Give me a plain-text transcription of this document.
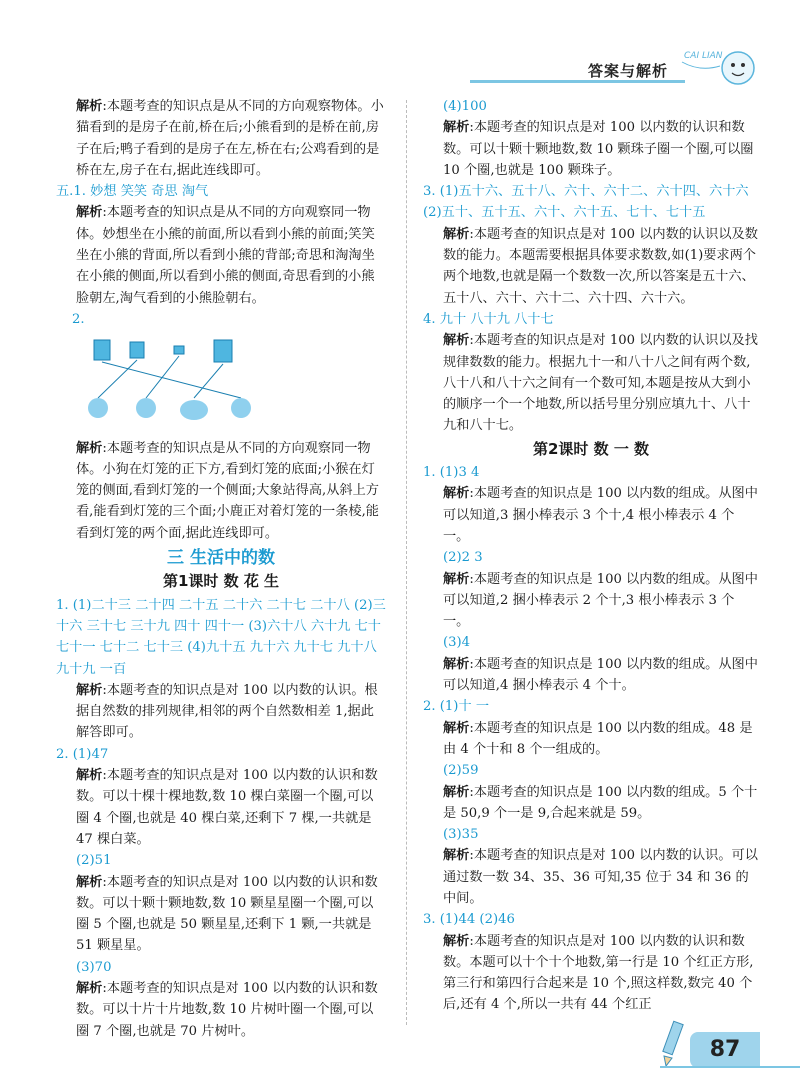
答案与解析
CAI LIAN

解析:本题考查的知识点是从不同的方向观察物体。小猫看到的是房子在前,桥在后;小熊看到的是桥在前,房子在后;鸭子看到的是房子在左,桥在右;公鸡看到的是桥在左,房子在右,据此连线即可。

五.1. 妙想 笑笑 奇思 淘气

解析:本题考查的知识点是从不同的方向观察同一物体。妙想坐在小熊的前面,所以看到小熊的前面;笑笑坐在小熊的背面,所以看到小熊的背部;奇思和淘淘坐在小熊的侧面,所以看到小熊的侧面,奇思看到的小熊脸朝左,淘气看到的小熊脸朝右。

2.

解析:本题考查的知识点是从不同的方向观察同一物体。小狗在灯笼的正下方,看到灯笼的底面;小猴在灯笼的侧面,看到灯笼的一个侧面;大象站得高,从斜上方看,能看到灯笼的三个面;小鹿正对着灯笼的一条棱,能看到灯笼的两个面,据此连线即可。

三 生活中的数

第1课时 数 花 生

1. (1)二十三 二十四 二十五 二十六 二十七 二十八 (2)三十六 三十七 三十九 四十 四十一 (3)六十八 六十九 七十 七十一 七十二 七十三 (4)九十五 九十六 九十七 九十八 九十九 一百

解析:本题考查的知识点是对 100 以内数的认识。根据自然数的排列规律,相邻的两个自然数相差 1,据此解答即可。

2. (1)47

解析:本题考查的知识点是对 100 以内数的认识和数数。可以十棵十棵地数,数 10 棵白菜圈一个圈,可以圈 4 个圈,也就是 40 棵白菜,还剩下 7 棵,一共就是 47 棵白菜。

(2)51

解析:本题考查的知识点是对 100 以内数的认识和数数。可以十颗十颗地数,数 10 颗星星圈一个圈,可以圈 5 个圈,也就是 50 颗星星,还剩下 1 颗,一共就是 51 颗星星。

(3)70

解析:本题考查的知识点是对 100 以内数的认识和数数。可以十片十片地数,数 10 片树叶圈一个圈,可以圈 7 个圈,也就是 70 片树叶。

(4)100

解析:本题考查的知识点是对 100 以内数的认识和数数。可以十颗十颗地数,数 10 颗珠子圈一个圈,可以圈 10 个圈,也就是 100 颗珠子。

3. (1)五十六、五十八、六十、六十二、六十四、六十六 (2)五十、五十五、六十、六十五、七十、七十五

解析:本题考查的知识点是对 100 以内数的认识以及数数的能力。本题需要根据具体要求数数,如(1)要求两个两个地数,也就是隔一个数数一次,所以答案是五十六、五十八、六十、六十二、六十四、六十六。

4. 九十 八十九 八十七

解析:本题考查的知识点是对 100 以内数的认识以及找规律数数的能力。根据九十一和八十八之间有两个数,八十八和八十六之间有一个数可知,本题是按从大到小的顺序一个一个地数,所以括号里分别应填九十、八十九和八十七。

第2课时 数 一 数

1. (1)3 4

解析:本题考查的知识点是 100 以内数的组成。从图中可以知道,3 捆小棒表示 3 个十,4 根小棒表示 4 个一。

(2)2 3

解析:本题考查的知识点是 100 以内数的组成。从图中可以知道,2 捆小棒表示 2 个十,3 根小棒表示 3 个一。

(3)4

解析:本题考查的知识点是 100 以内数的组成。从图中可以知道,4 捆小棒表示 4 个十。

2. (1)十 一

解析:本题考查的知识点是 100 以内数的组成。48 是由 4 个十和 8 个一组成的。

(2)59

解析:本题考查的知识点是 100 以内数的组成。5 个十是 50,9 个一是 9,合起来就是 59。

(3)35

解析:本题考查的知识点是对 100 以内数的认识。可以通过数一数 34、35、36 可知,35 位于 34 和 36 的中间。

3. (1)44 (2)46

解析:本题考查的知识点是对 100 以内数的认识和数数。本题可以十个十个地数,第一行是 10 个红正方形,第三行和第四行合起来是 10 个,照这样数,数完 40 个后,还有 4 个,所以一共有 44 个红正

87
